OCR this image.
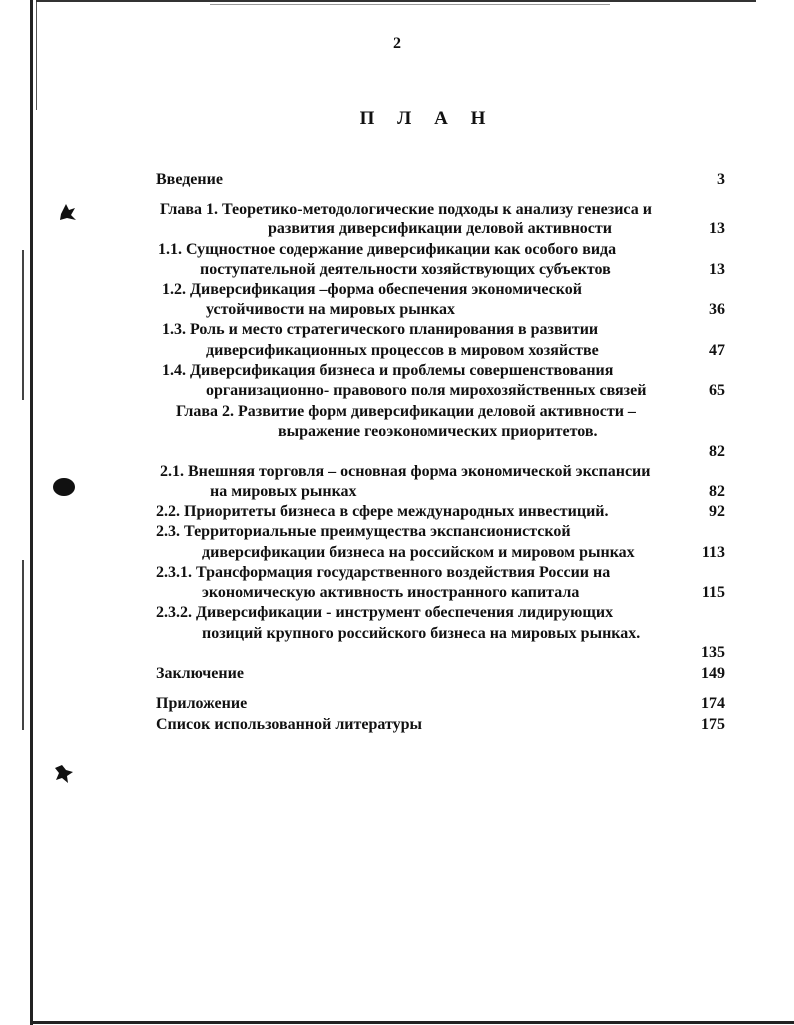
2
П Л А Н
Введение	3
Глава 1. Теоретико-методологические подходы к анализу генезиса и
развития диверсификации деловой активности	13
1.1. Сущностное содержание диверсификации как особого вида
поступательной деятельности хозяйствующих субъектов	13
1.2. Диверсификация –форма обеспечения экономической
устойчивости на мировых рынках	36
1.3. Роль и место стратегического планирования в развитии
диверсификационных процессов в мировом хозяйстве	47
1.4. Диверсификация бизнеса и проблемы совершенствования
организационно- правового поля мирохозяйственных связей	65
Глава 2. Развитие форм диверсификации деловой активности –
выражение геоэкономических приоритетов.
82
2.1. Внешняя торговля – основная форма экономической экспансии
на мировых рынках	82
2.2. Приоритеты бизнеса в сфере международных инвестиций.	92
2.3. Территориальные преимущества экспансионистской
диверсификации бизнеса на российском и мировом рынках	113
2.3.1. Трансформация государственного воздействия России на
экономическую активность иностранного капитала	115
2.3.2. Диверсификации - инструмент обеспечения лидирующих
позиций крупного российского бизнеса на мировых рынках.
135
Заключение	149
Приложение	174
Список использованной литературы	175
